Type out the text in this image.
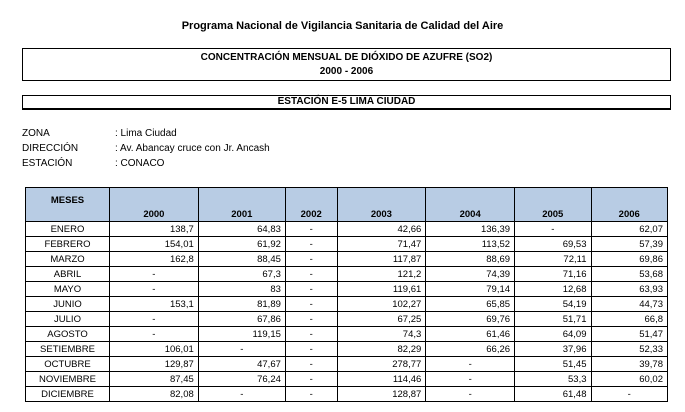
Programa Nacional de Vigilancia Sanitaria de Calidad del Aire
CONCENTRACIÓN MENSUAL DE DIÓXIDO DE AZUFRE (SO2)
2000 - 2006
ESTACIÓN E-5 LIMA CIUDAD
ZONA	: Lima Ciudad
DIRECCIÓN	: Av. Abancay cruce con Jr. Ancash
ESTACIÓN	: CONACO
MESES	2000	2001	2002	2003	2004	2005	2006
ENERO	138,7	64,83	-	42,66	136,39	-	62,07
FEBRERO	154,01	61,92	-	71,47	113,52	69,53	57,39
MARZO	162,8	88,45	-	117,87	88,69	72,11	69,86
ABRIL	-	67,3	-	121,2	74,39	71,16	53,68
MAYO	-	83	-	119,61	79,14	12,68	63,93
JUNIO	153,1	81,89	-	102,27	65,85	54,19	44,73
JULIO	-	67,86	-	67,25	69,76	51,71	66,8
AGOSTO	-	119,15	-	74,3	61,46	64,09	51,47
SETIEMBRE	106,01	-	-	82,29	66,26	37,96	52,33
OCTUBRE	129,87	47,67	-	278,77	-	51,45	39,78
NOVIEMBRE	87,45	76,24	-	114,46	-	53,3	60,02
DICIEMBRE	82,08	-	-	128,87	-	61,48	-
